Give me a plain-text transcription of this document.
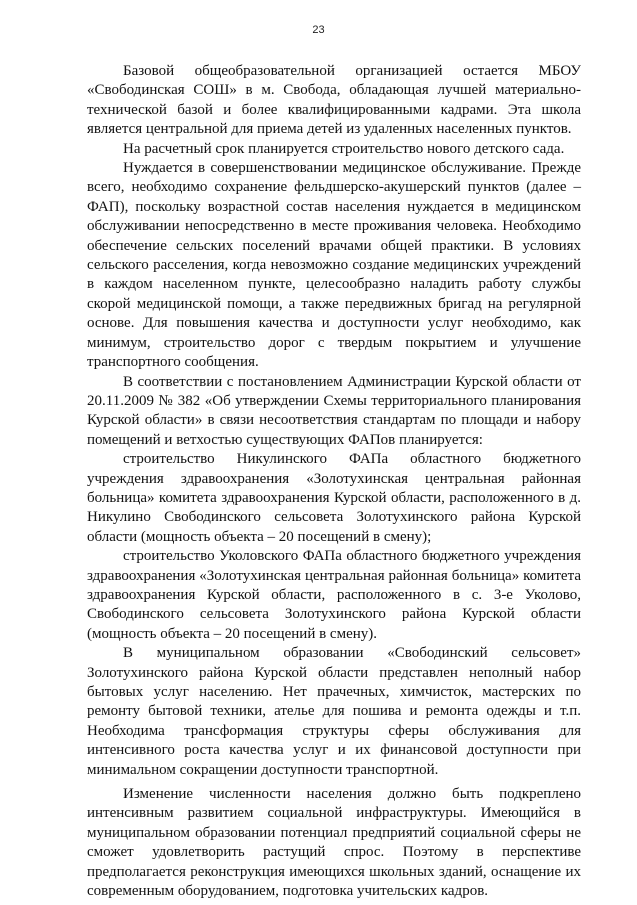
23

Базовой общеобразовательной организацией остается МБОУ «Свободинская СОШ» в м. Свобода, обладающая лучшей материально-технической базой и более квалифицированными кадрами. Эта школа является центральной для приема детей из удаленных населенных пунктов.

На расчетный срок планируется строительство нового детского сада.

Нуждается в совершенствовании медицинское обслуживание. Прежде всего, необходимо сохранение фельдшерско-акушерский пунктов (далее – ФАП), поскольку возрастной состав населения нуждается в медицинском обслуживании непосредственно в месте проживания человека. Необходимо обеспечение сельских поселений врачами общей практики. В условиях сельского расселения, когда невозможно создание медицинских учреждений в каждом населенном пункте, целесообразно наладить работу службы скорой медицинской помощи, а также передвижных бригад на регулярной основе. Для повышения качества и доступности услуг необходимо, как минимум, строительство дорог с твердым покрытием и улучшение транспортного сообщения.

В соответствии с постановлением Администрации Курской области от 20.11.2009 № 382 «Об утверждении Схемы территориального планирования Курской области» в связи несоответствия стандартам по площади и набору помещений и ветхостью существующих ФАПов планируется:

строительство Никулинского ФАПа областного бюджетного учреждения здравоохранения «Золотухинская центральная районная больница» комитета здравоохранения Курской области, расположенного в д. Никулино Свободинского сельсовета Золотухинского района Курской области (мощность объекта – 20 посещений в смену);

строительство Уколовского ФАПа областного бюджетного учреждения здравоохранения «Золотухинская центральная районная больница» комитета здравоохранения Курской области, расположенного в с. 3-е Уколово, Свободинского сельсовета Золотухинского района Курской области (мощность объекта – 20 посещений в смену).

В муниципальном образовании «Свободинский сельсовет» Золотухинского района Курской области представлен неполный набор бытовых услуг населению. Нет прачечных, химчисток, мастерских по ремонту бытовой техники, ателье для пошива и ремонта одежды и т.п. Необходима трансформация структуры сферы обслуживания для интенсивного роста качества услуг и их финансовой доступности при минимальном сокращении доступности транспортной.

Изменение численности населения должно быть подкреплено интенсивным развитием социальной инфраструктуры. Имеющийся в муниципальном образовании потенциал предприятий социальной сферы не сможет удовлетворить растущий спрос. Поэтому в перспективе предполагается реконструкция имеющихся школьных зданий, оснащение их современным оборудованием, подготовка учительских кадров.
